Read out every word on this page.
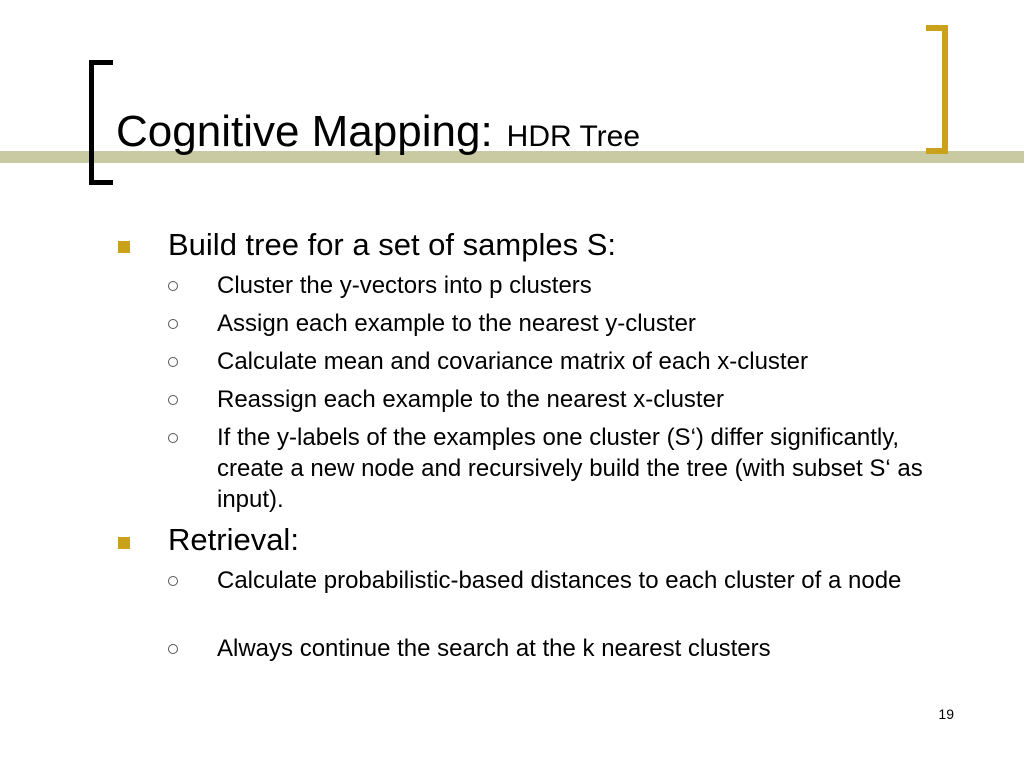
Cognitive Mapping: HDR Tree
Build tree for a set of samples S:
Cluster the y-vectors into p clusters
Assign each example to the nearest y-cluster
Calculate mean and covariance matrix of each x-cluster
Reassign each example to the nearest x-cluster
If the y-labels of the examples one cluster (S‘) differ significantly, create a new node and recursively build the tree (with subset S‘ as input).
Retrieval:
Calculate probabilistic-based distances to each cluster of a node
Always continue the search at the k nearest clusters
19
